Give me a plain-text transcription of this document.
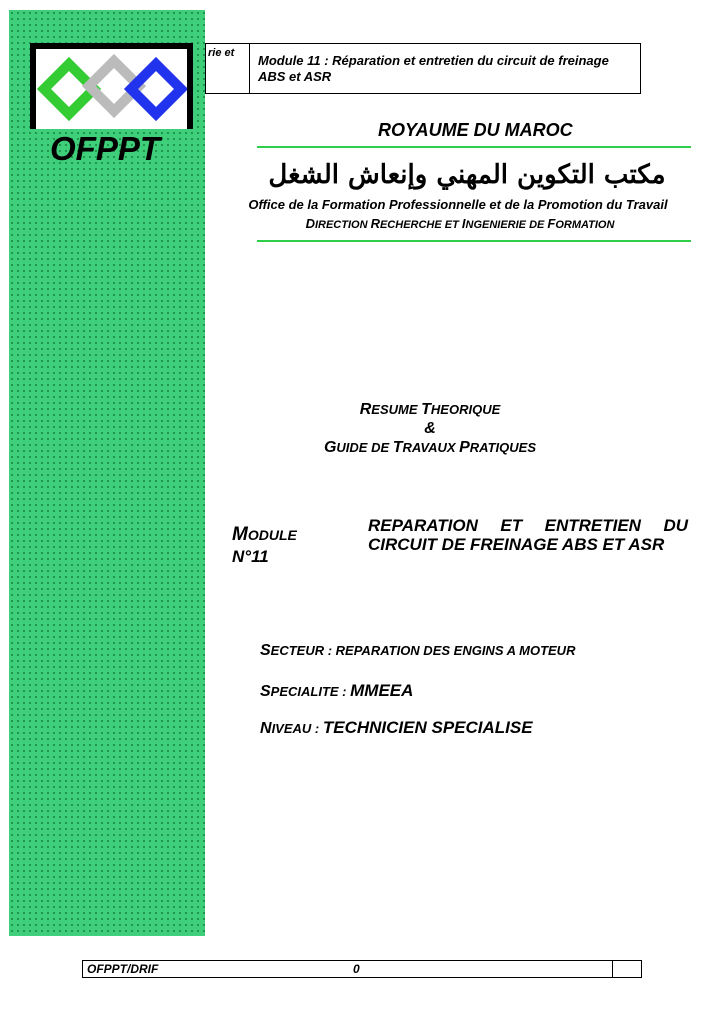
rie et	Module 11 : Réparation et entretien du circuit de freinage ABS et ASR
OFPPT	ROYAUME DU MAROC
مكتب التكوين المهني وإنعاش الشغل
Office de la Formation Professionnelle et de la Promotion du Travail
DIRECTION RECHERCHE ET INGENIERIE DE FORMATION
RESUME THEORIQUE
&
GUIDE DE TRAVAUX PRATIQUES
MODULE
N°11
REPARATION ET ENTRETIEN DU CIRCUIT DE FREINAGE ABS ET ASR
SECTEUR : REPARATION DES ENGINS A MOTEUR
SPECIALITE : MMEEA
NIVEAU : TECHNICIEN SPECIALISE
OFPPT/DRIF	0
